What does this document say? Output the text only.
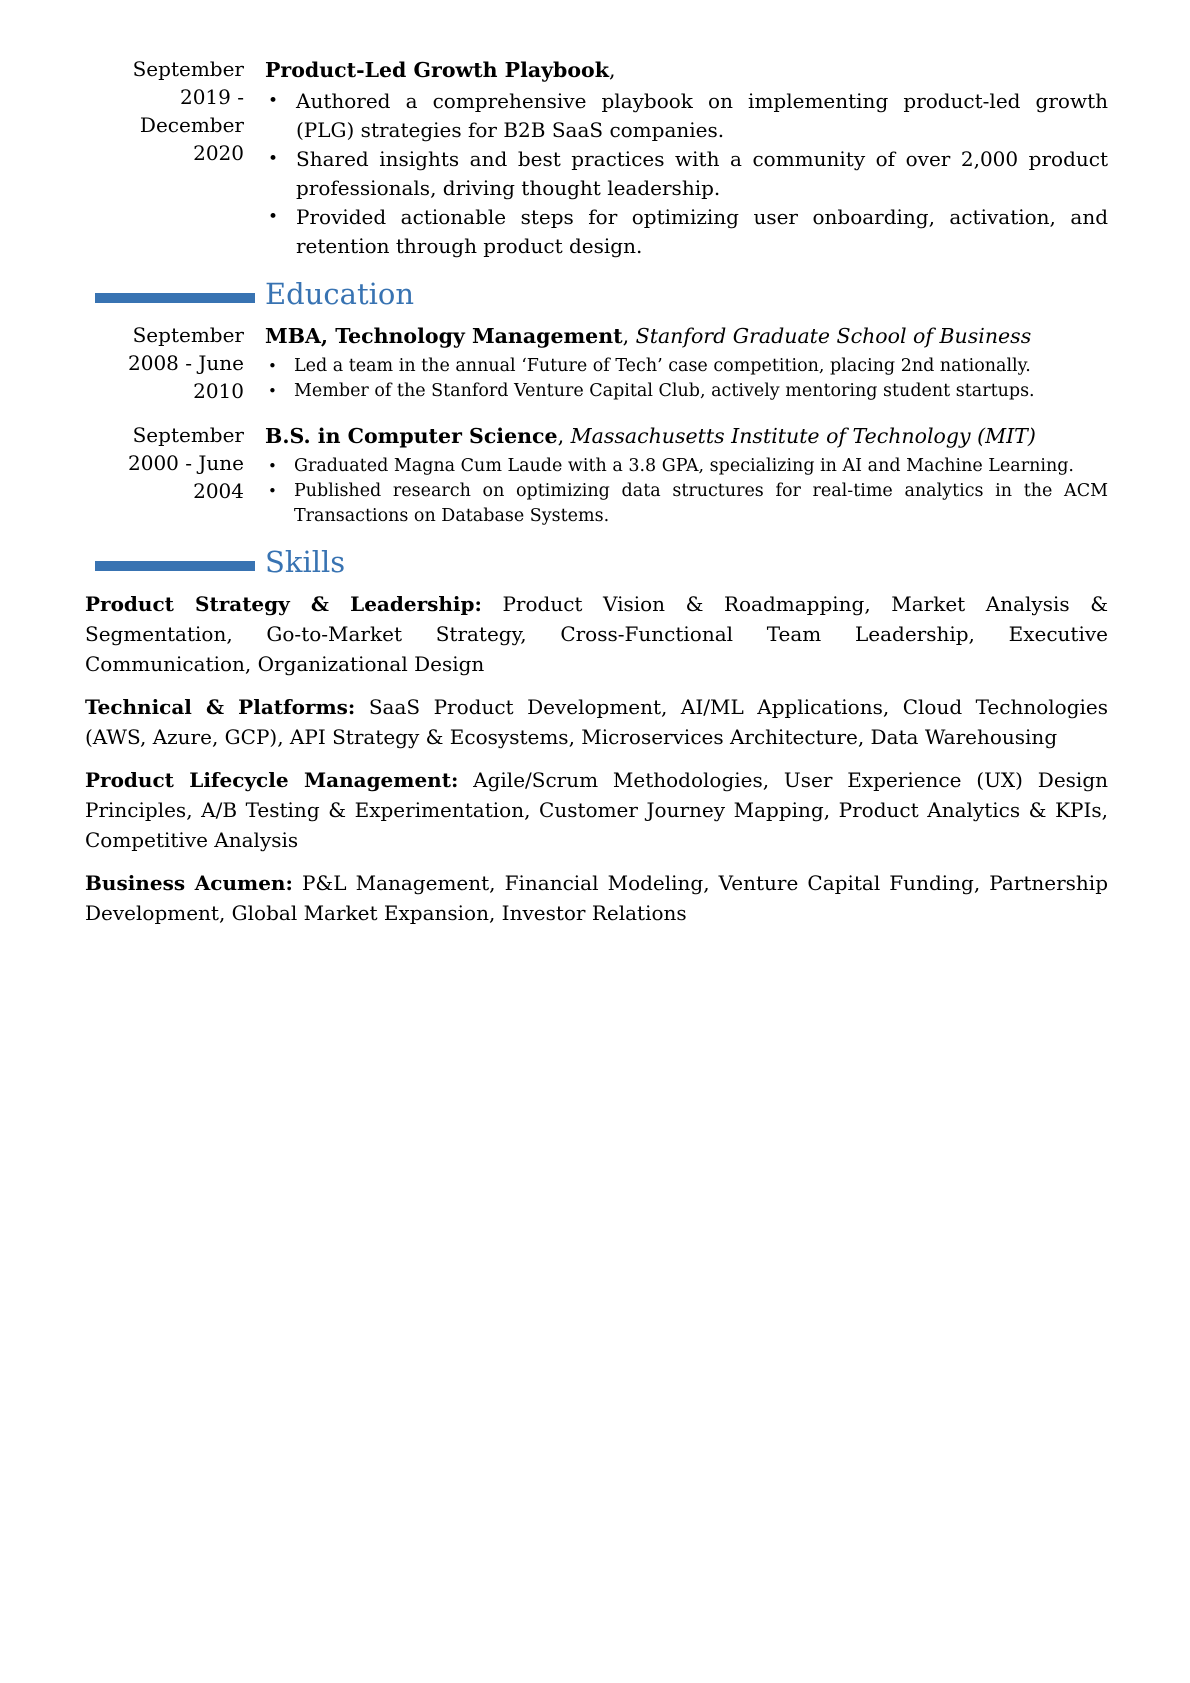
September 2019 - December 2020
Product-Led Growth Playbook,
• Authored a comprehensive playbook on implementing product-led growth (PLG) strategies for B2B SaaS companies.
• Shared insights and best practices with a community of over 2,000 product professionals, driving thought leadership.
• Provided actionable steps for optimizing user onboarding, activation, and retention through product design.
Education
September 2008 - June 2010
MBA, Technology Management, Stanford Graduate School of Business
• Led a team in the annual ‘Future of Tech’ case competition, placing 2nd nationally.
• Member of the Stanford Venture Capital Club, actively mentoring student startups.
September 2000 - June 2004
B.S. in Computer Science, Massachusetts Institute of Technology (MIT)
• Graduated Magna Cum Laude with a 3.8 GPA, specializing in AI and Machine Learning.
• Published research on optimizing data structures for real-time analytics in the ACM Transactions on Database Systems.
Skills

Product Strategy & Leadership: Product Vision & Roadmapping, Market Analysis & Segmentation, Go-to-Market Strategy, Cross-Functional Team Leadership, Executive Communication, Organizational Design

Technical & Platforms: SaaS Product Development, AI/ML Applications, Cloud Technologies (AWS, Azure, GCP), API Strategy & Ecosystems, Microservices Architecture, Data Warehousing

Product Lifecycle Management: Agile/Scrum Methodologies, User Experience (UX) Design Principles, A/B Testing & Experimentation, Customer Journey Mapping, Product Analytics & KPIs, Competitive Analysis

Business Acumen: P&L Management, Financial Modeling, Venture Capital Funding, Partnership Development, Global Market Expansion, Investor Relations
